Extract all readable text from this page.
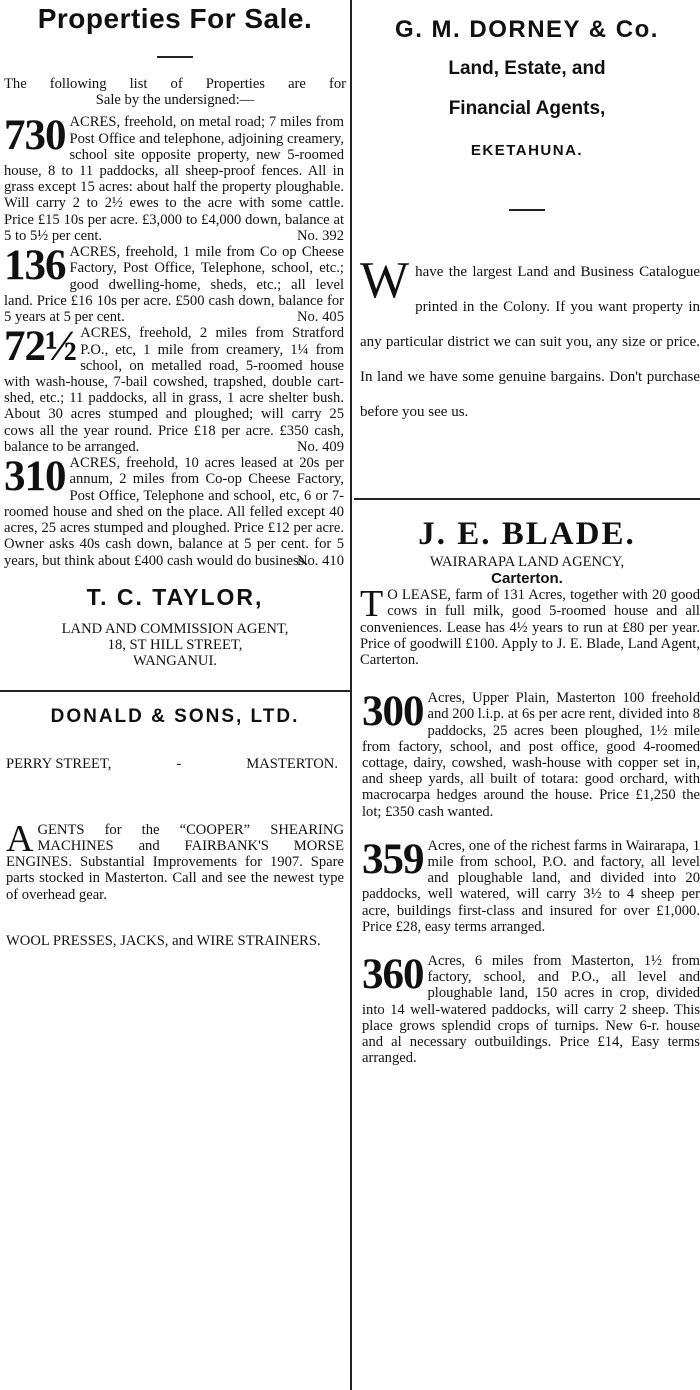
Properties For Sale.
The following list of Properties are for
Sale by the undersigned:—
730 ACRES, freehold, on metal road; 7 miles from Post Office and telephone, adjoining creamery, school site opposite property, new 5-roomed house, 8 to 11 paddocks, all sheep-proof fences. All in grass except 15 acres: about half the property ploughable. Will carry 2 to 2½ ewes to the acre with some cattle. Price £15 10s per acre. £3,000 to £4,000 down, balance at 5 to 5½ per cent.	No. 392
136 ACRES, freehold, 1 mile from Co op Cheese Factory, Post Office, Telephone, school, etc.; good dwelling-home, sheds, etc.; all level land. Price £16 10s per acre. £500 cash down, balance for 5 years at 5 per cent.	No. 405
72½ ACRES, freehold, 2 miles from Stratford P.O., etc, 1 mile from creamery, 1¼ from school, on metalled road, 5-roomed house with wash-house, 7-bail cowshed, trapshed, double cart-shed, etc.; 11 paddocks, all in grass, 1 acre shelter bush. About 30 acres stumped and ploughed; will carry 25 cows all the year round. Price £18 per acre. £350 cash, balance to be arranged.	No. 409
310 ACRES, freehold, 10 acres leased at 20s per annum, 2 miles from Co-op Cheese Factory, Post Office, Telephone and school, etc, 6 or 7-roomed house and shed on the place. All felled except 40 acres, 25 acres stumped and ploughed. Price £12 per acre. Owner asks 40s cash down, balance at 5 per cent. for 5 years, but think about £400 cash would do business.
No. 410
T. C. TAYLOR,
LAND AND COMMISSION AGENT,
18, ST HILL STREET,
WANGANUI.
DONALD & SONS, LTD.
PERRY STREET,	-	MASTERTON.
A GENTS for the “COOPER” SHEARING MACHINES and FAIRBANK'S MORSE ENGINES. Substantial Improvements for 1907. Spare parts stocked in Masterton. Call and see the newest type of overhead gear.
WOOL PRESSES, JACKS, and WIRE STRAINERS.
G. M. DORNEY & Co.
Land, Estate, and
Financial Agents,
EKETAHUNA.
W have the largest Land and Business Catalogue printed in the Colony. If you want property in any particular district we can suit you, any size or price. In land we have some genuine bargains. Don't purchase before you see us.
J. E. BLADE.
WAIRARAPA LAND AGENCY,
Carterton.
T O LEASE, farm of 131 Acres, together with 20 good cows in full milk, good 5-roomed house and all conveniences. Lease has 4½ years to run at £80 per year. Price of goodwill £100. Apply to J. E. Blade, Land Agent, Carterton.
300 Acres, Upper Plain, Masterton 100 freehold and 200 l.i.p. at 6s per acre rent, divided into 8 paddocks, 25 acres been ploughed, 1½ mile from factory, school, and post office, good 4-roomed cottage, dairy, cowshed, wash-house with copper set in, and sheep yards, all built of totara: good orchard, with macrocarpa hedges around the house. Price £1,250 the lot; £350 cash wanted.
359 Acres, one of the richest farms in Wairarapa, 1 mile from school, P.O. and factory, all level and ploughable land, and divided into 20 paddocks, well watered, will carry 3½ to 4 sheep per acre, buildings first-class and insured for over £1,000. Price £28, easy terms arranged.
360 Acres, 6 miles from Masterton, 1½ from factory, school, and P.O., all level and ploughable land, 150 acres in crop, divided into 14 well-watered paddocks, will carry 2 sheep. This place grows splendid crops of turnips. New 6-r. house and al necessary outbuildings. Price £14, Easy terms arranged.
